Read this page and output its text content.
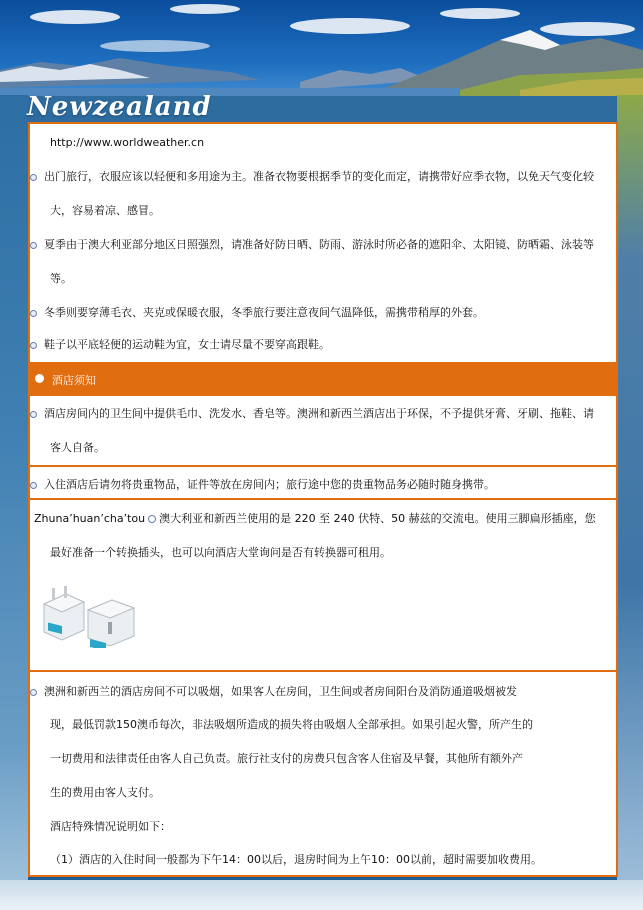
Newzealand
http://www.worldweather.cn
出门旅行，衣服应该以轻便和多用途为主。准备衣物要根据季节的变化而定，请携带好应季衣物，以免天气变化较
大，容易着凉、感冒。
夏季由于澳大利亚部分地区日照强烈，请准备好防日晒、防雨、游泳时所必备的遮阳伞、太阳镜、防晒霜、泳装等
等。
冬季则要穿薄毛衣、夹克或保暖衣服，冬季旅行要注意夜间气温降低，需携带稍厚的外套。
鞋子以平底轻便的运动鞋为宜，女士请尽量不要穿高跟鞋。
酒店须知
酒店房间内的卫生间中提供毛巾、洗发水、香皂等。澳洲和新西兰酒店出于环保，不予提供牙膏、牙刷、拖鞋、请
客人自备。
入住酒店后请勿将贵重物品，证件等放在房间内；旅行途中您的贵重物品务必随时随身携带。
Zhuna’huan’cha’tou 澳大利亚和新西兰使用的是 220 至 240 伏特、50 赫兹的交流电。使用三脚扁形插座，您
最好准备一个转换插头，也可以向酒店大堂询问是否有转换器可租用。
澳洲和新西兰的酒店房间不可以吸烟，如果客人在房间，卫生间或者房间阳台及消防通道吸烟被发
现，最低罚款150澳币每次，非法吸烟所造成的损失将由吸烟人全部承担。如果引起火警，所产生的
一切费用和法律责任由客人自己负责。旅行社支付的房费只包含客人住宿及早餐，其他所有额外产
生的费用由客人支付。
酒店特殊情况说明如下：
（1）酒店的入住时间一般都为下午14：00以后，退房时间为上午10：00以前，超时需要加收费用。
